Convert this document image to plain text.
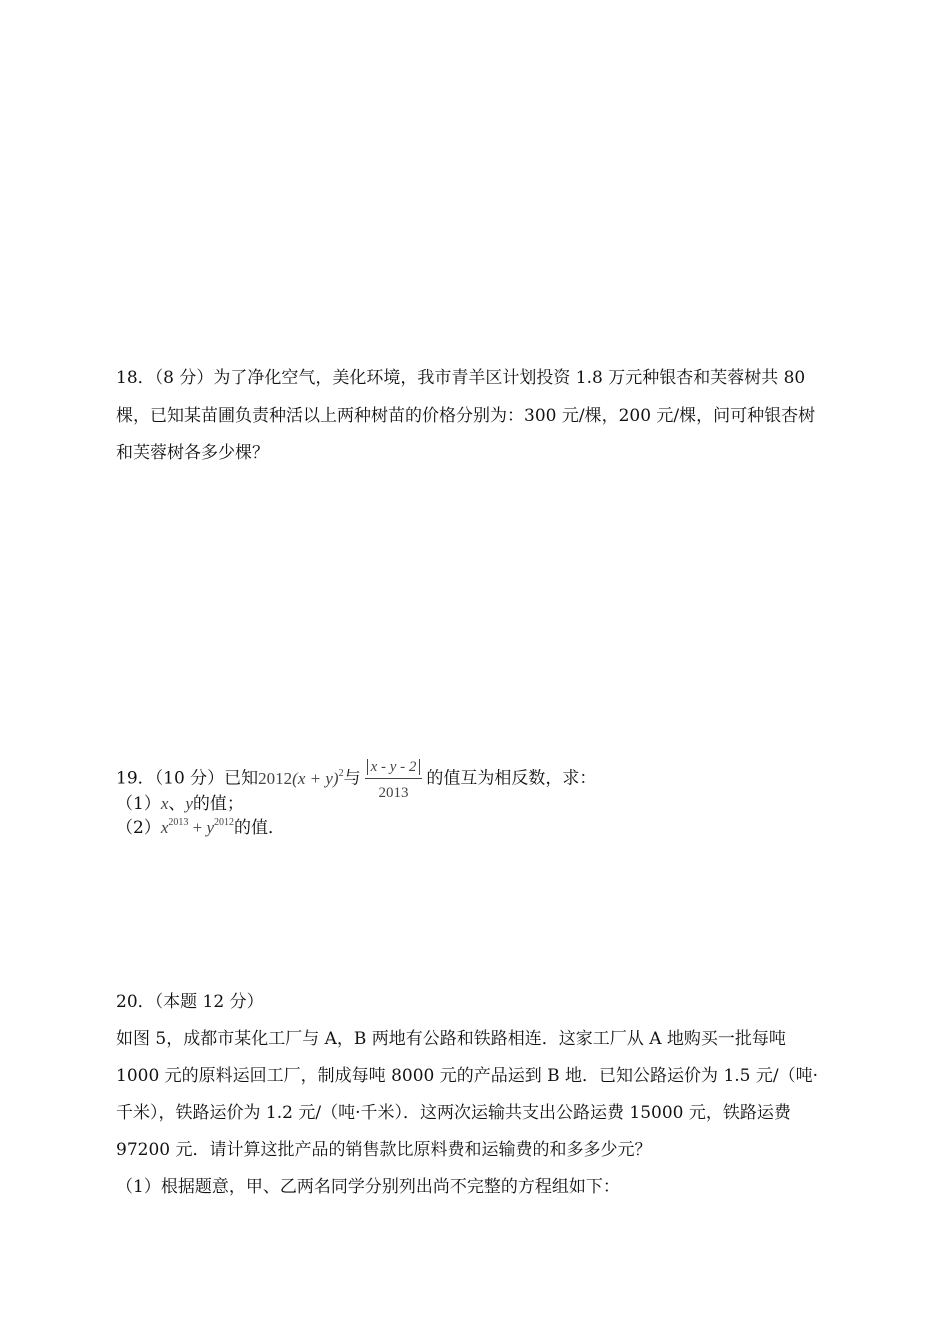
18．（8 分）为了净化空气，美化环境，我市青羊区计划投资 1.8 万元种银杏和芙蓉树共 80
棵，已知某苗圃负责种活以上两种树苗的价格分别为：300 元/棵，200 元/棵，问可种银杏树
和芙蓉树各多少棵？
19．（10 分）已知$2012(x + y)^2$与 $\frac{x - y - 2}{2013}$ 的值互为相反数，求：
（1）x、y的值；
$(2)x^{2013} + y^{2012}$的值．
20．（本题 12 分）
如图 5，成都市某化工厂与 A，B 两地有公路和铁路相连．这家工厂从 A 地购买一批每吨
1000 元的原料运回工厂，制成每吨 8000 元的产品运到 B 地．已知公路运价为 1.5 元/（吨·
千米），铁路运价为 1.2 元/（吨·千米）．这两次运输共支出公路运费 15000 元，铁路运费
97200 元．请计算这批产品的销售款比原料费和运输费的和多多少元？
（1）根据题意，甲、乙两名同学分别列出尚不完整的方程组如下：
